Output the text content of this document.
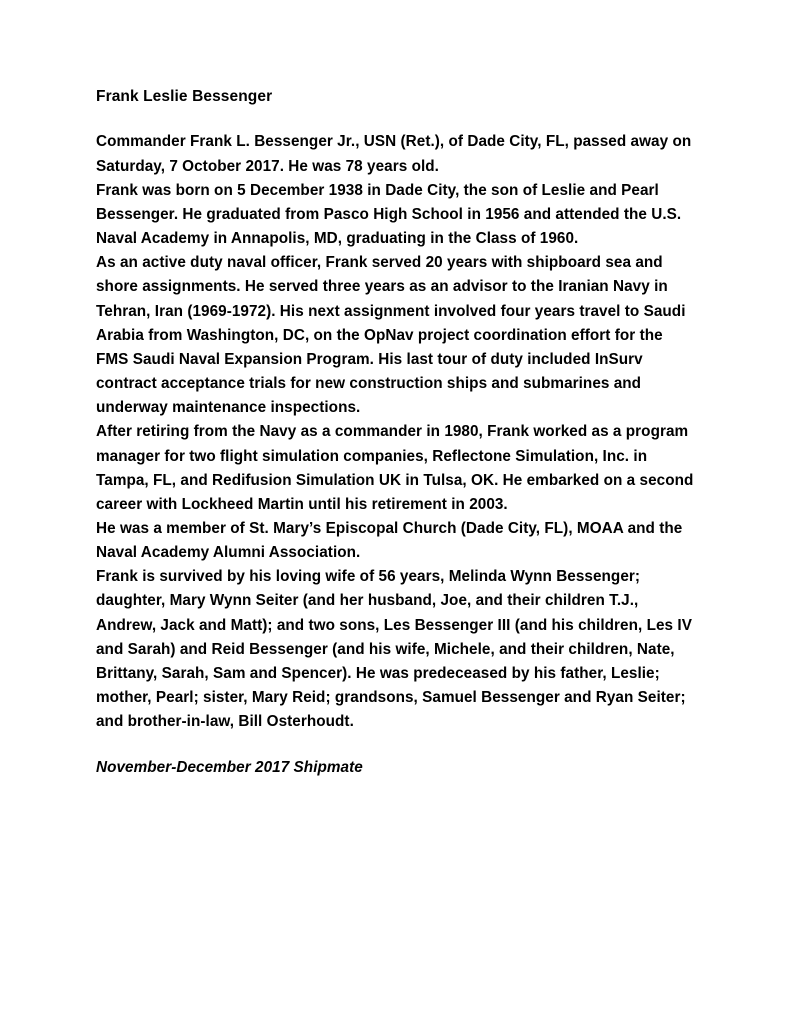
Frank Leslie Bessenger

Commander Frank L. Bessenger Jr., USN (Ret.), of Dade City, FL, passed away on Saturday, 7 October 2017. He was 78 years old.

Frank was born on 5 December 1938 in Dade City, the son of Leslie and Pearl Bessenger. He graduated from Pasco High School in 1956 and attended the U.S. Naval Academy in Annapolis, MD, graduating in the Class of 1960.

As an active duty naval officer, Frank served 20 years with shipboard sea and shore assignments. He served three years as an advisor to the Iranian Navy in Tehran, Iran (1969-1972). His next assignment involved four years travel to Saudi Arabia from Washington, DC, on the OpNav project coordination effort for the FMS Saudi Naval Expansion Program. His last tour of duty included InSurv contract acceptance trials for new construction ships and submarines and underway maintenance inspections.

After retiring from the Navy as a commander in 1980, Frank worked as a program manager for two flight simulation companies, Reflectone Simulation, Inc. in Tampa, FL, and Redifusion Simulation UK in Tulsa, OK. He embarked on a second career with Lockheed Martin until his retirement in 2003.

He was a member of St. Mary’s Episcopal Church (Dade City, FL), MOAA and the Naval Academy Alumni Association.

Frank is survived by his loving wife of 56 years, Melinda Wynn Bessenger; daughter, Mary Wynn Seiter (and her husband, Joe, and their children T.J., Andrew, Jack and Matt); and two sons, Les Bessenger III (and his children, Les IV and Sarah) and Reid Bessenger (and his wife, Michele, and their children, Nate, Brittany, Sarah, Sam and Spencer). He was predeceased by his father, Leslie; mother, Pearl; sister, Mary Reid; grandsons, Samuel Bessenger and Ryan Seiter; and brother-in-law, Bill Osterhoudt.

November-December 2017 Shipmate
